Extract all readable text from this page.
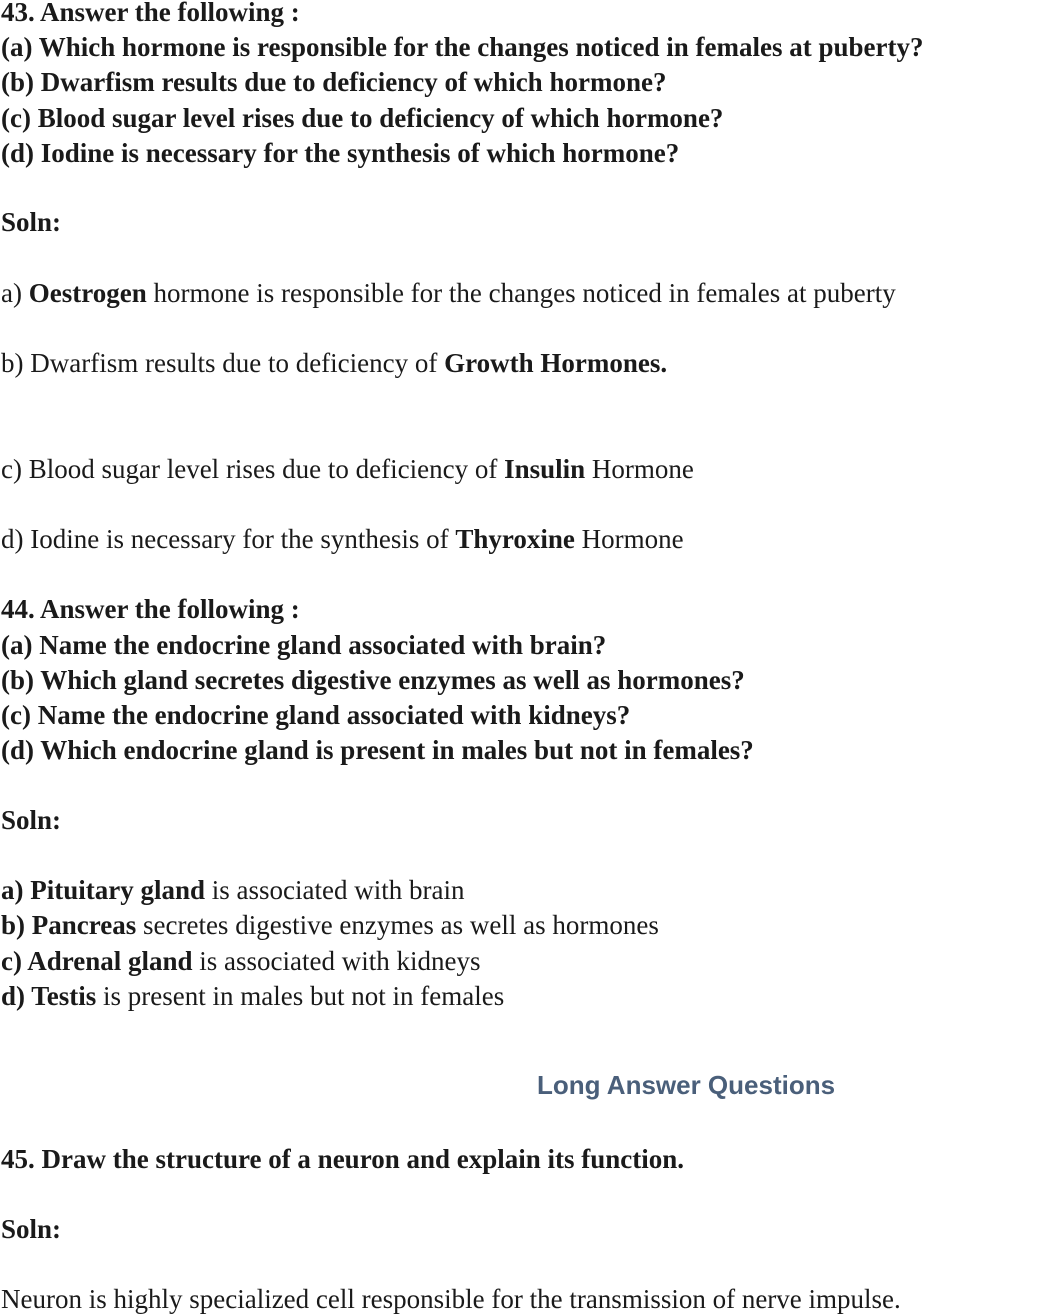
43. Answer the following :
(a) Which hormone is responsible for the changes noticed in females at puberty?
(b) Dwarfism results due to deficiency of which hormone?
(c) Blood sugar level rises due to deficiency of which hormone?
(d) Iodine is necessary for the synthesis of which hormone?
Soln:
a) Oestrogen hormone is responsible for the changes noticed in females at puberty
b) Dwarfism results due to deficiency of Growth Hormones.
c) Blood sugar level rises due to deficiency of Insulin Hormone
d) Iodine is necessary for the synthesis of Thyroxine Hormone
44. Answer the following :
(a) Name the endocrine gland associated with brain?
(b) Which gland secretes digestive enzymes as well as hormones?
(c) Name the endocrine gland associated with kidneys?
(d) Which endocrine gland is present in males but not in females?
Soln:
a) Pituitary gland is associated with brain
b) Pancreas secretes digestive enzymes as well as hormones
c) Adrenal gland is associated with kidneys
d) Testis is present in males but not in females
Long Answer Questions
45. Draw the structure of a neuron and explain its function.
Soln:
Neuron is highly specialized cell responsible for the transmission of nerve impulse.
